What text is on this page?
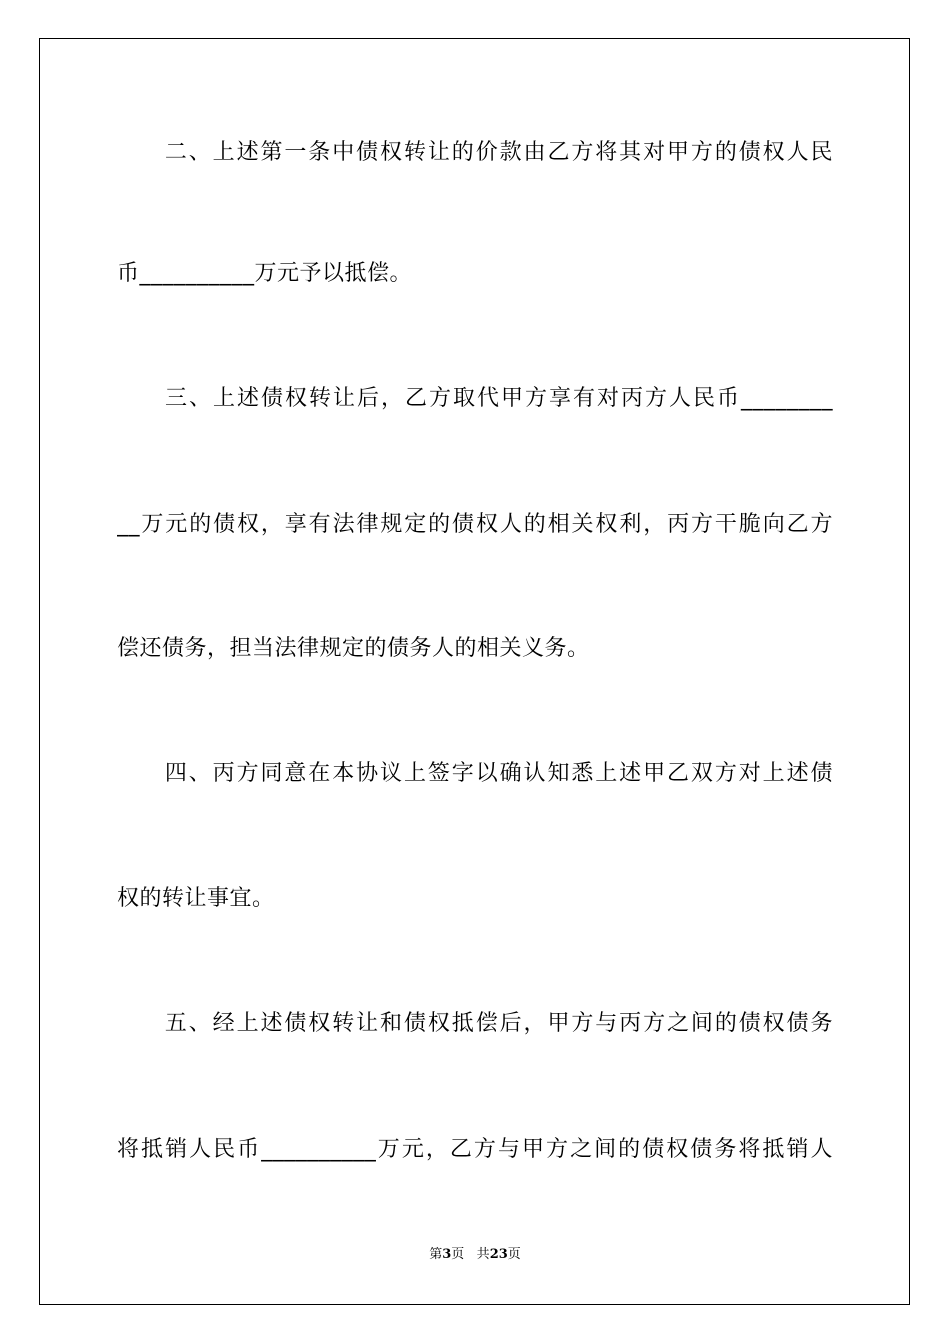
　　二、上述第一条中债权转让的价款由乙方将其对甲方的债权人民
币__________万元予以抵偿。
　　三、上述债权转让后，乙方取代甲方享有对丙方人民币________
__万元的债权，享有法律规定的债权人的相关权利，丙方干脆向乙方
偿还债务，担当法律规定的债务人的相关义务。
　　四、丙方同意在本协议上签字以确认知悉上述甲乙双方对上述债
权的转让事宜。
　　五、经上述债权转让和债权抵偿后，甲方与丙方之间的债权债务
将抵销人民币__________万元，乙方与甲方之间的债权债务将抵销人
第3页 共23页
